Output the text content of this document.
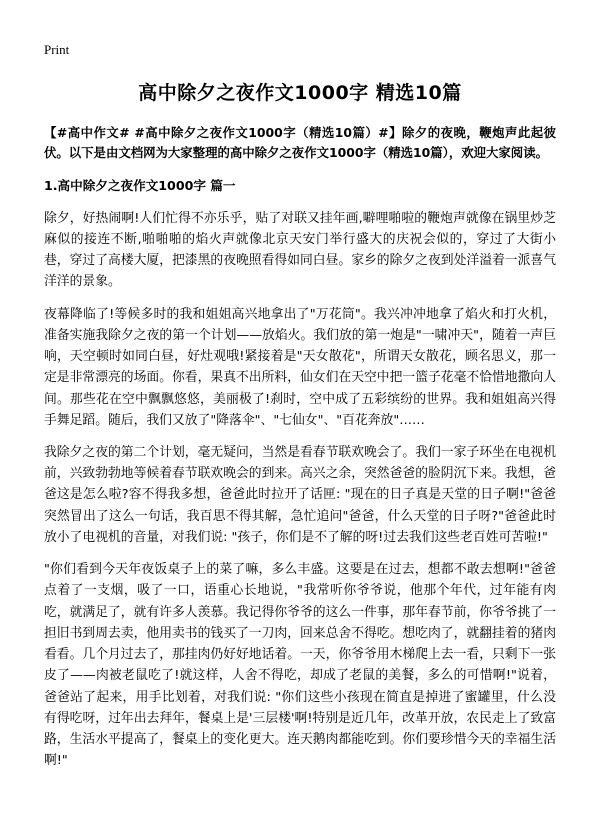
Print
高中除夕之夜作文1000字 精选10篇
【#高中作文# #高中除夕之夜作文1000字（精选10篇）#】除夕的夜晚，鞭炮声此起彼伏。以下是由文档网为大家整理的高中除夕之夜作文1000字（精选10篇），欢迎大家阅读。
1.高中除夕之夜作文1000字 篇一

除夕，好热闹啊!人们忙得不亦乐乎，贴了对联又挂年画,噼哩啪啦的鞭炮声就像在锅里炒芝麻似的接连不断,啪啪啪的焰火声就像北京天安门举行盛大的庆祝会似的，穿过了大街小巷，穿过了高楼大厦，把漆黑的夜晚照看得如同白昼。家乡的除夕之夜到处洋溢着一派喜气洋洋的景象。

夜幕降临了!等候多时的我和姐姐高兴地拿出了"万花筒"。我兴冲冲地拿了焰火和打火机，准备实施我除夕之夜的第一个计划——放焰火。我们放的第一炮是"一啸冲天"，随着一声巨响，天空顿时如同白昼，好灶观哦!紧接着是"天女散花"，所谓天女散花，顾名思义，那一定是非常漂亮的场面。你看，果真不出所料，仙女们在天空中把一篮子花毫不恰惜地撒向人间。那些花在空中飘飘悠悠，美丽极了!刹时，空中成了五彩缤纷的世界。我和姐姐高兴得手舞足蹈。随后，我们又放了"降落伞"、"七仙女"、"百花奔放"……

我除夕之夜的第二个计划，毫无疑问，当然是看春节联欢晚会了。我们一家子环坐在电视机前，兴致勃勃地等候着春节联欢晚会的到来。高兴之余，突然爸爸的脸阴沉下来。我想，爸爸这是怎么啦?容不得我多想，爸爸此时拉开了话匣: "现在的日子真是天堂的日子啊!"爸爸突然冒出了这么一句话，我百思不得其解，急忙追问"爸爸，什么天堂的日子呀?"爸爸此时放小了电视机的音量，对我们说: "孩子，你们是不了解的呀!过去我们这些老百姓可苦啦!"

"你们看到今天年夜饭桌子上的菜了嘛，多么丰盛。这要是在过去，想都不敢去想啊!"爸爸点着了一支烟，吸了一口，语重心长地说，"我常听你爷爷说，他那个年代，过年能有肉吃，就满足了，就有许多人羡慕。我记得你爷爷的这么一件事，那年春节前，你爷爷挑了一担旧书到周去卖，他用卖书的钱买了一刀肉，回来总舍不得吃。想吃肉了，就翻挂着的猪肉看看。几个月过去了，那挂肉仍好好地话着。一天，你爷爷用木梯爬上去一看，只剩下一张皮了——肉被老鼠吃了!就这样，人舍不得吃，却成了老鼠的美餐，多么的可惜啊!"说着，爸爸站了起来，用手比划着，对我们说: "你们这些小孩现在简直是掉进了蜜罐里，什么没有得吃呀，过年出去拜年，餐桌上是'三层楼'啊!特别是近几年，改革开放，农民走上了致富路，生活水平提高了，餐桌上的变化更大。连天鹅肉都能吃到。你们要珍惜今天的幸福生活啊!"
